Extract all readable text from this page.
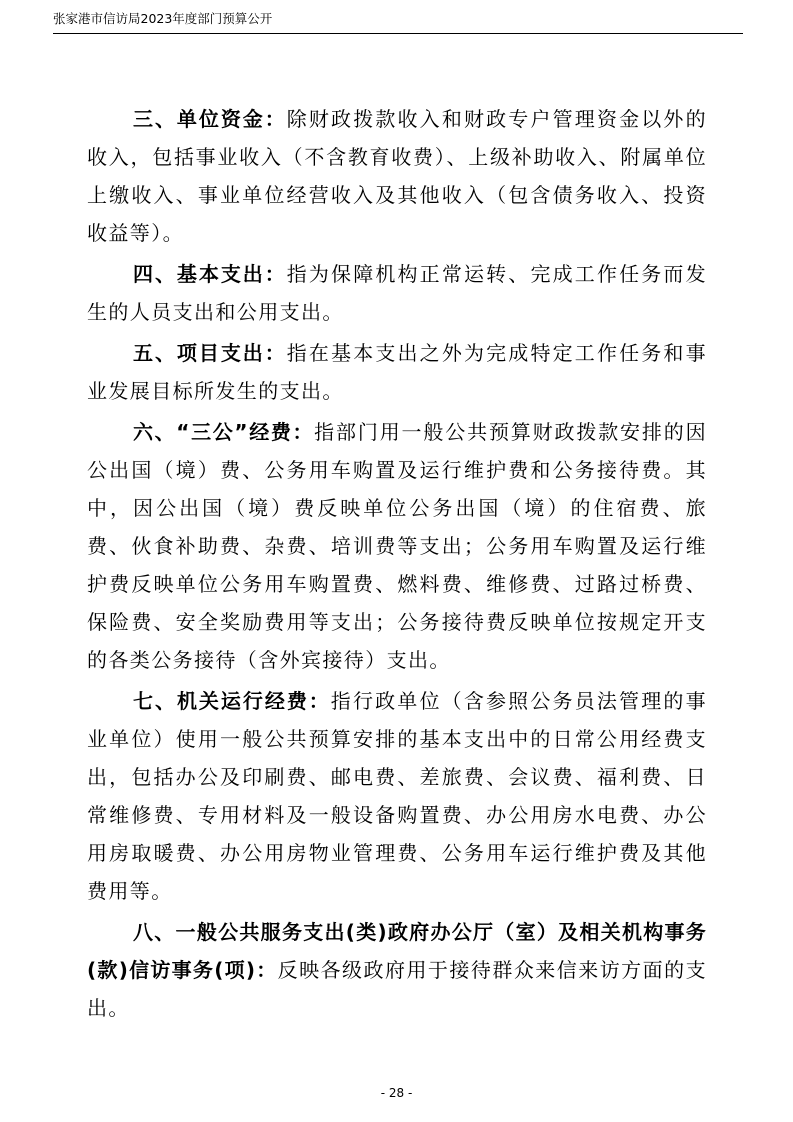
张家港市信访局2023年度部门预算公开

三、单位资金：除财政拨款收入和财政专户管理资金以外的收入，包括事业收入（不含教育收费）、上级补助收入、附属单位上缴收入、事业单位经营收入及其他收入（包含债务收入、投资收益等）。

四、基本支出：指为保障机构正常运转、完成工作任务而发生的人员支出和公用支出。

五、项目支出：指在基本支出之外为完成特定工作任务和事业发展目标所发生的支出。

六、“三公”经费：指部门用一般公共预算财政拨款安排的因公出国（境）费、公务用车购置及运行维护费和公务接待费。其中，因公出国（境）费反映单位公务出国（境）的住宿费、旅费、伙食补助费、杂费、培训费等支出；公务用车购置及运行维护费反映单位公务用车购置费、燃料费、维修费、过路过桥费、保险费、安全奖励费用等支出；公务接待费反映单位按规定开支的各类公务接待（含外宾接待）支出。

七、机关运行经费：指行政单位（含参照公务员法管理的事业单位）使用一般公共预算安排的基本支出中的日常公用经费支出，包括办公及印刷费、邮电费、差旅费、会议费、福利费、日常维修费、专用材料及一般设备购置费、办公用房水电费、办公用房取暖费、办公用房物业管理费、公务用车运行维护费及其他费用等。

八、一般公共服务支出(类)政府办公厅（室）及相关机构事务(款)信访事务(项)：反映各级政府用于接待群众来信来访方面的支出。

- 28 -
